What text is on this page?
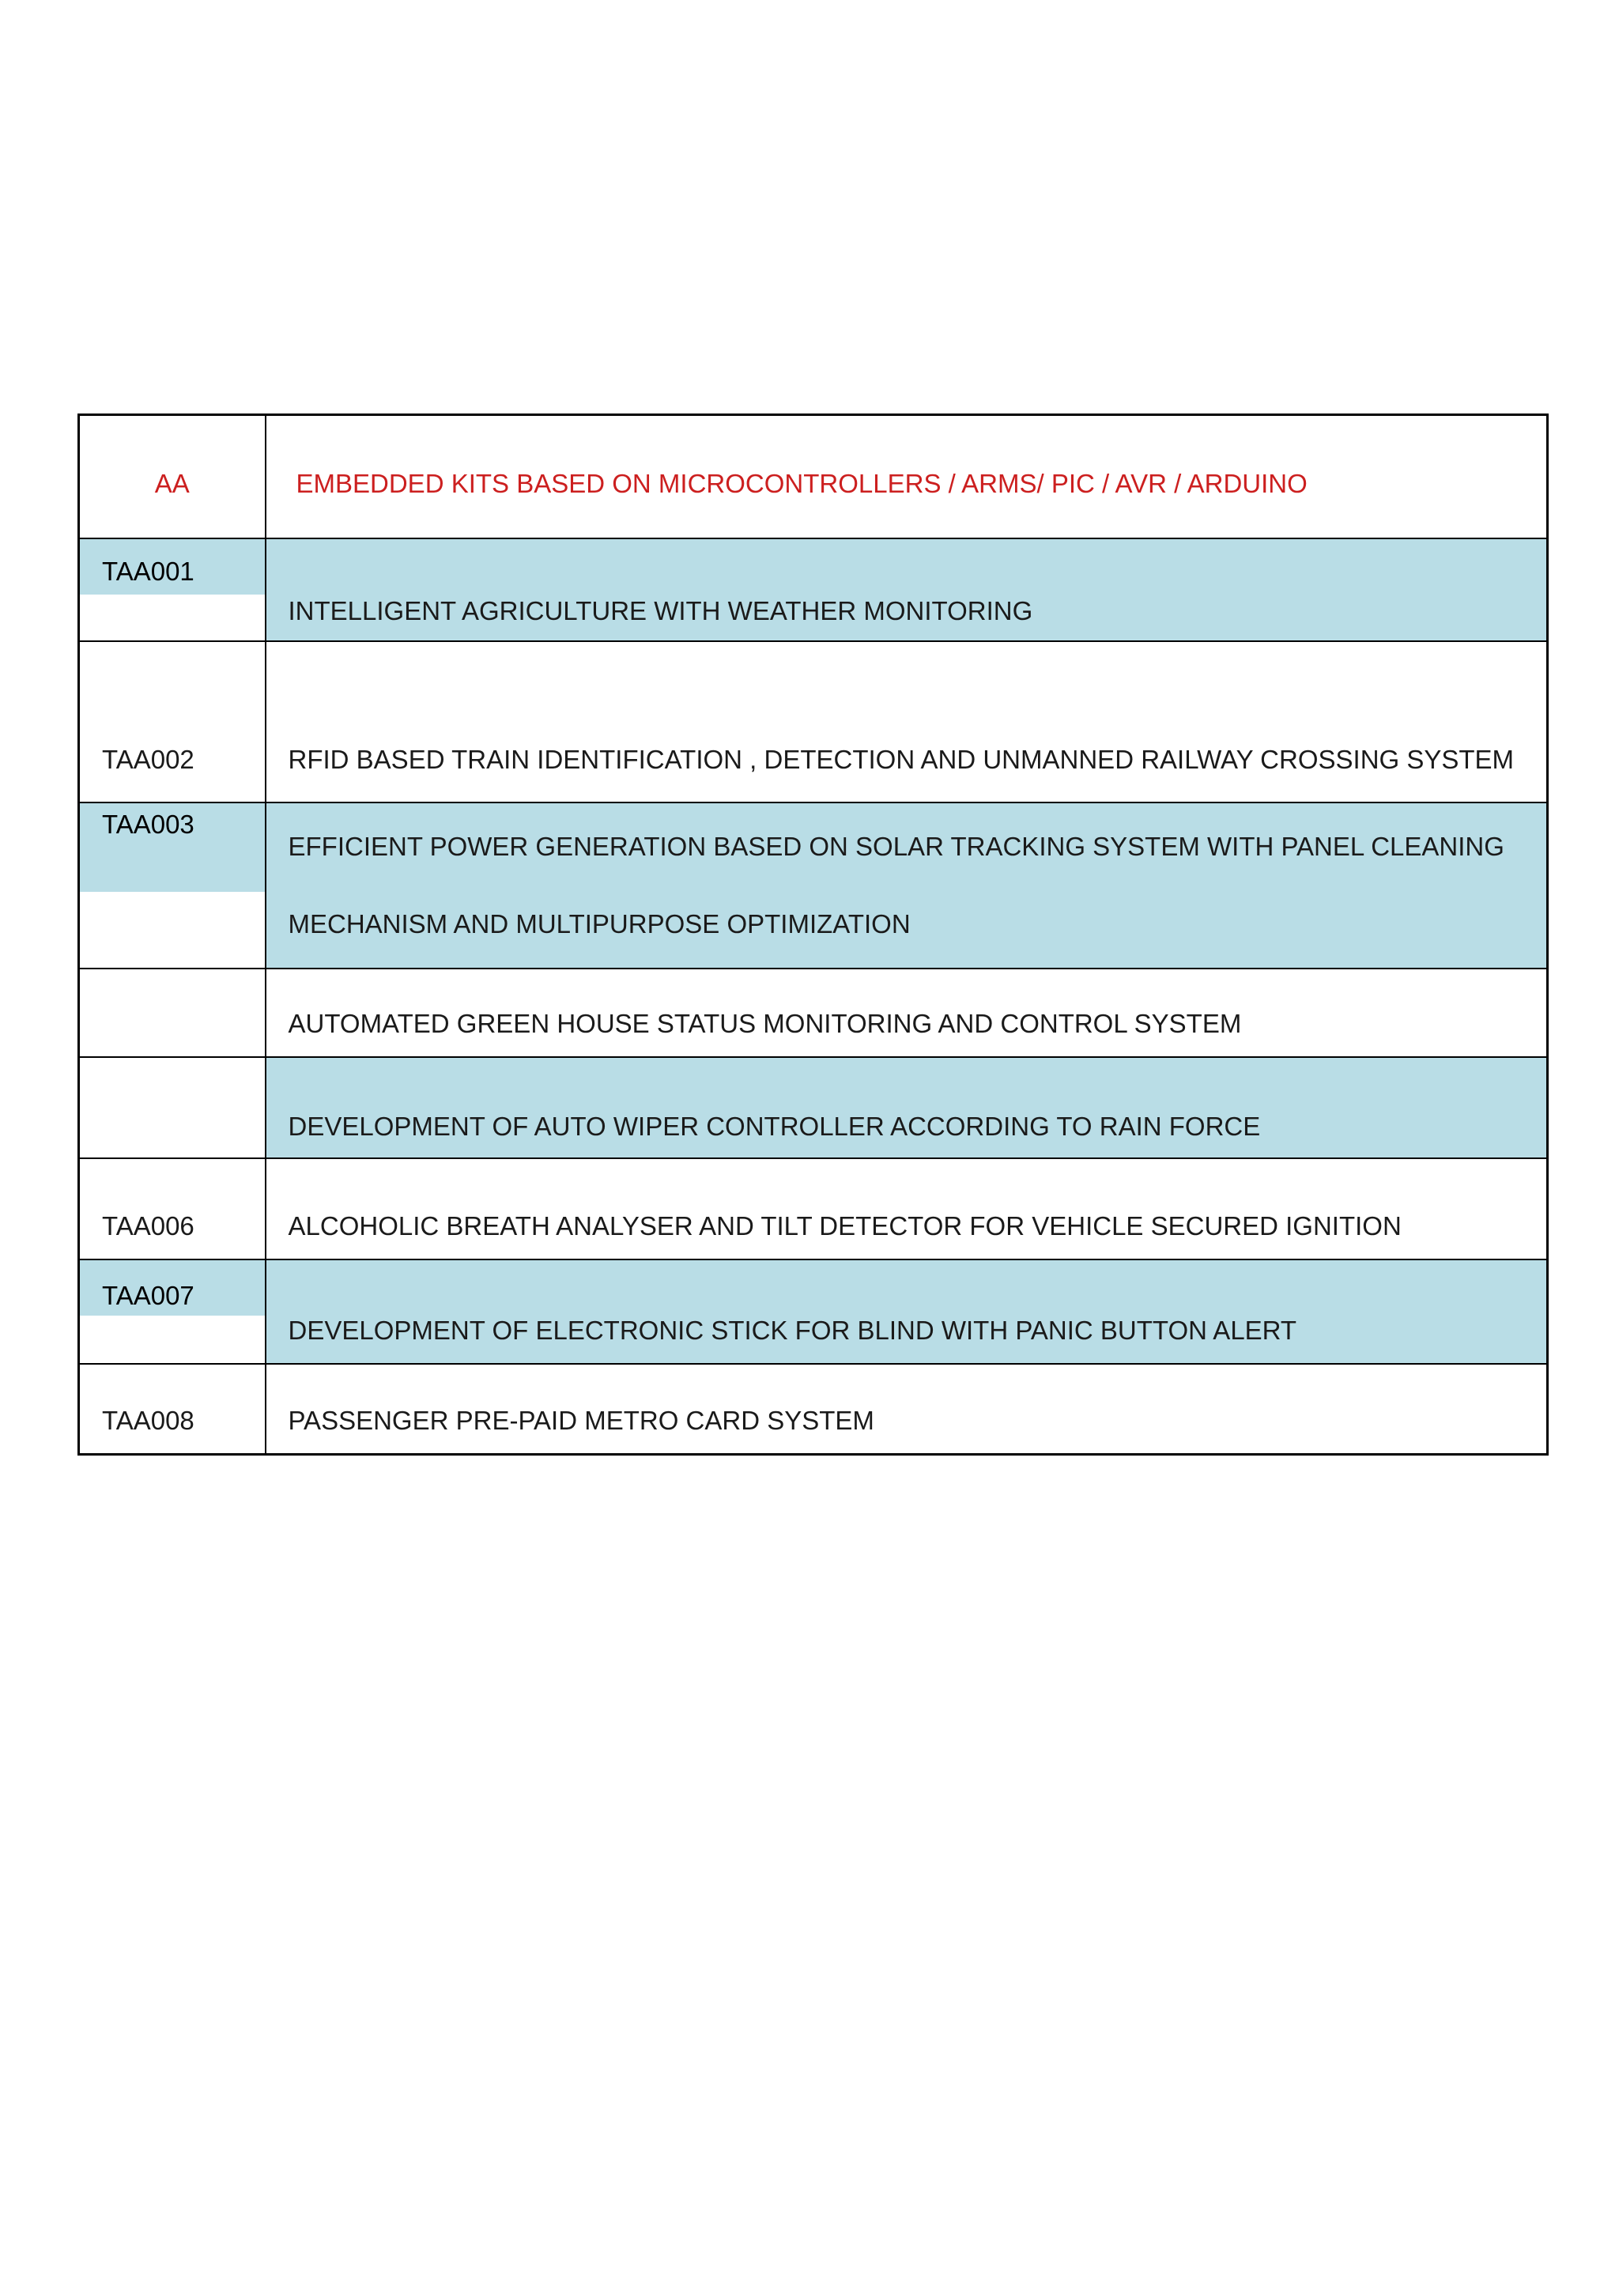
AA	EMBEDDED KITS BASED ON MICROCONTROLLERS / ARMS/ PIC / AVR / ARDUINO

TAA001	INTELLIGENT AGRICULTURE WITH WEATHER MONITORING
TAA002	RFID BASED TRAIN IDENTIFICATION , DETECTION AND UNMANNED RAILWAY CROSSING SYSTEM

TAA003	EFFICIENT POWER GENERATION BASED ON SOLAR TRACKING SYSTEM WITH PANEL CLEANING
MECHANISM AND MULTIPURPOSE OPTIMIZATION

	AUTOMATED GREEN HOUSE STATUS MONITORING AND CONTROL SYSTEM
	DEVELOPMENT OF AUTO WIPER CONTROLLER ACCORDING TO RAIN FORCE
TAA006	ALCOHOLIC BREATH ANALYSER AND TILT DETECTOR FOR VEHICLE SECURED IGNITION

TAA007	DEVELOPMENT OF ELECTRONIC STICK FOR BLIND WITH PANIC BUTTON ALERT
TAA008	PASSENGER PRE-PAID METRO CARD SYSTEM
